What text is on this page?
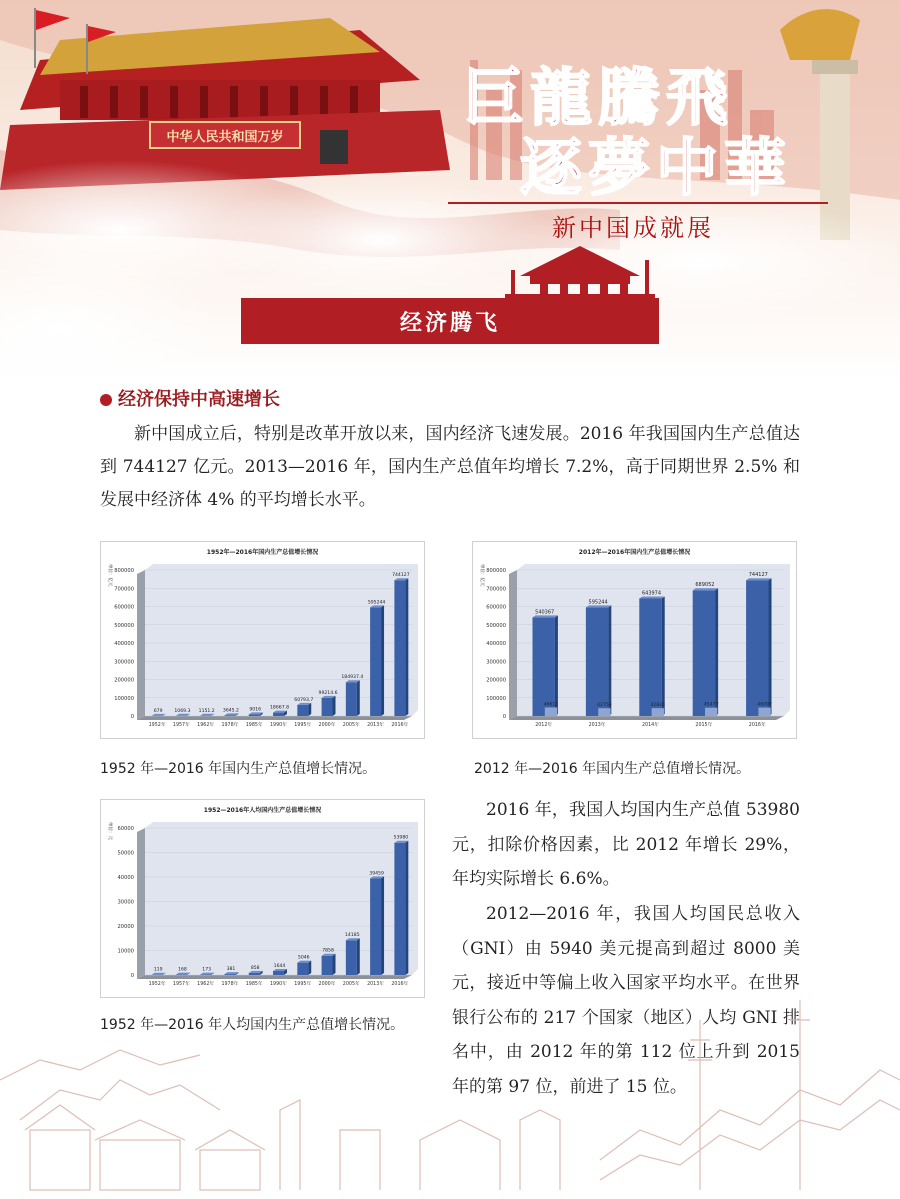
中华人民共和国万岁
巨龍騰飛
逐夢中華
新中国成就展
经济腾飞
经济保持中高速增长
新中国成立后，特别是改革开放以来，国内经济飞速发展。2016 年我国国内生产总值达到 744127 亿元。2013—2016 年，国内生产总值年均增长 7.2%，高于同期世界 2.5% 和发展中经济体 4% 的平均增长水平。
1952年—2016年国内生产总值增长情况
单位：亿元
0
100000
200000
300000
400000
500000
600000
700000
800000
679
1952年
1069.3
1957年
1151.2
1962年
3645.2
1978年
9016
1985年
18667.8
1990年
60793.7
1995年
99214.6
2000年
184937.4
2005年
595244
2013年
744127
2016年
1952 年—2016 年国内生产总值增长情况。
2012年—2016年国内生产总值增长情况
单位：亿元
0
100000
200000
300000
400000
500000
600000
700000
800000
540367
2012年
46611
595244
2013年
42753
643974
2014年
42824
689052
2015年
45477
744127
2016年
46097
2012 年—2016 年国内生产总值增长情况。
1952—2016年人均国内生产总值增长情况
单位：元
0
10000
20000
30000
40000
50000
60000
119
1952年
168
1957年
173
1962年
381
1978年
858
1985年
1644
1990年
5046
1995年
7858
2000年
14185
2005年
39459
2013年
53980
2016年
1952 年—2016 年人均国内生产总值增长情况。
2016 年，我国人均国内生产总值 53980 元，扣除价格因素，比 2012 年增长 29%，年均实际增长 6.6%。
2012—2016 年，我国人均国民总收入（GNI）由 5940 美元提高到超过 8000 美元，接近中等偏上收入国家平均水平。在世界银行公布的 217 个国家（地区）人均 GNI 排名中，由 2012 年的第 112 位上升到 2015 年的第 97 位，前进了 15 位。
